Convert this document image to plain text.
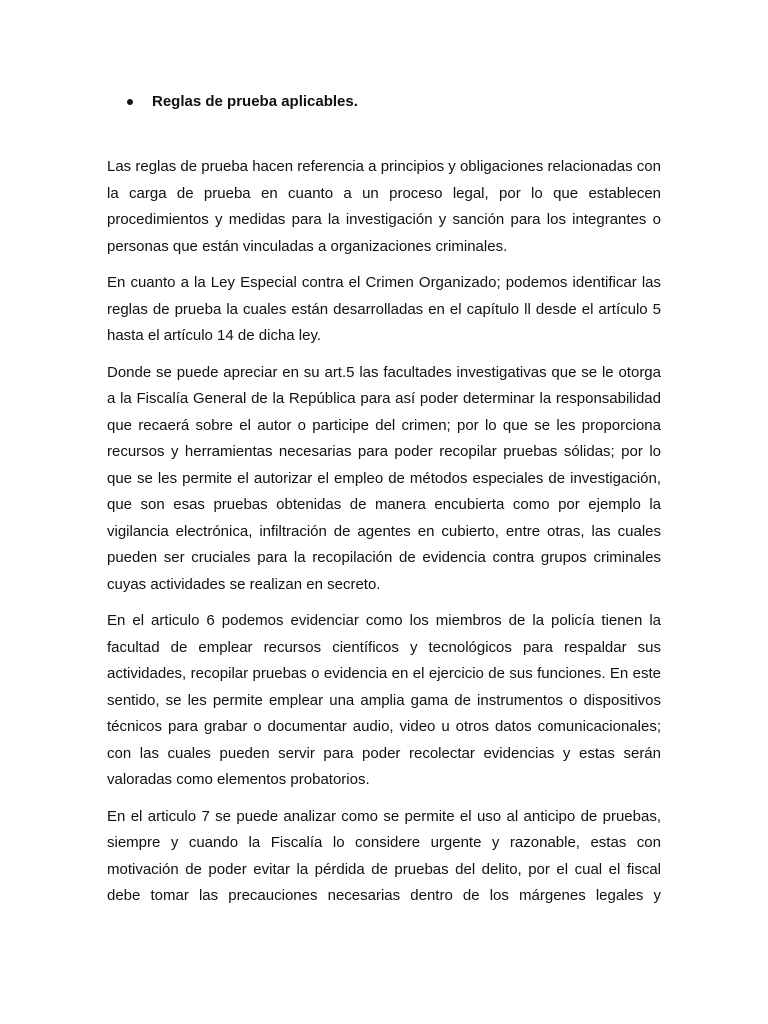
Reglas de prueba aplicables.

Las reglas de prueba hacen referencia a principios y obligaciones relacionadas con la carga de prueba en cuanto a un proceso legal, por lo que establecen procedimientos y medidas para la investigación y sanción para los integrantes o personas que están vinculadas a organizaciones criminales.

En cuanto a la Ley Especial contra el Crimen Organizado; podemos identificar las reglas de prueba la cuales están desarrolladas en el capítulo ll desde el artículo 5 hasta el artículo 14 de dicha ley.

Donde se puede apreciar en su art.5 las facultades investigativas que se le otorga a la Fiscalía General de la República para así poder determinar la responsabilidad que recaerá sobre el autor o participe del crimen; por lo que se les proporciona recursos y herramientas necesarias para poder recopilar pruebas sólidas; por lo que se les permite el autorizar el empleo de métodos especiales de investigación, que son esas pruebas obtenidas de manera encubierta como por ejemplo la vigilancia electrónica, infiltración de agentes en cubierto, entre otras, las cuales pueden ser cruciales para la recopilación de evidencia contra grupos criminales cuyas actividades se realizan en secreto.

En el articulo 6 podemos evidenciar como los miembros de la policía tienen la facultad de emplear recursos científicos y tecnológicos para respaldar sus actividades, recopilar pruebas o evidencia en el ejercicio de sus funciones. En este sentido, se les permite emplear una amplia gama de instrumentos o dispositivos técnicos para grabar o documentar audio, video u otros datos comunicacionales; con las cuales pueden servir para poder recolectar evidencias y estas serán valoradas como elementos probatorios.

En el articulo 7 se puede analizar como se permite el uso al anticipo de pruebas, siempre y cuando la Fiscalía lo considere urgente y razonable, estas con motivación de poder evitar la pérdida de pruebas del delito, por el cual el fiscal debe tomar las precauciones necesarias dentro de los márgenes legales y
